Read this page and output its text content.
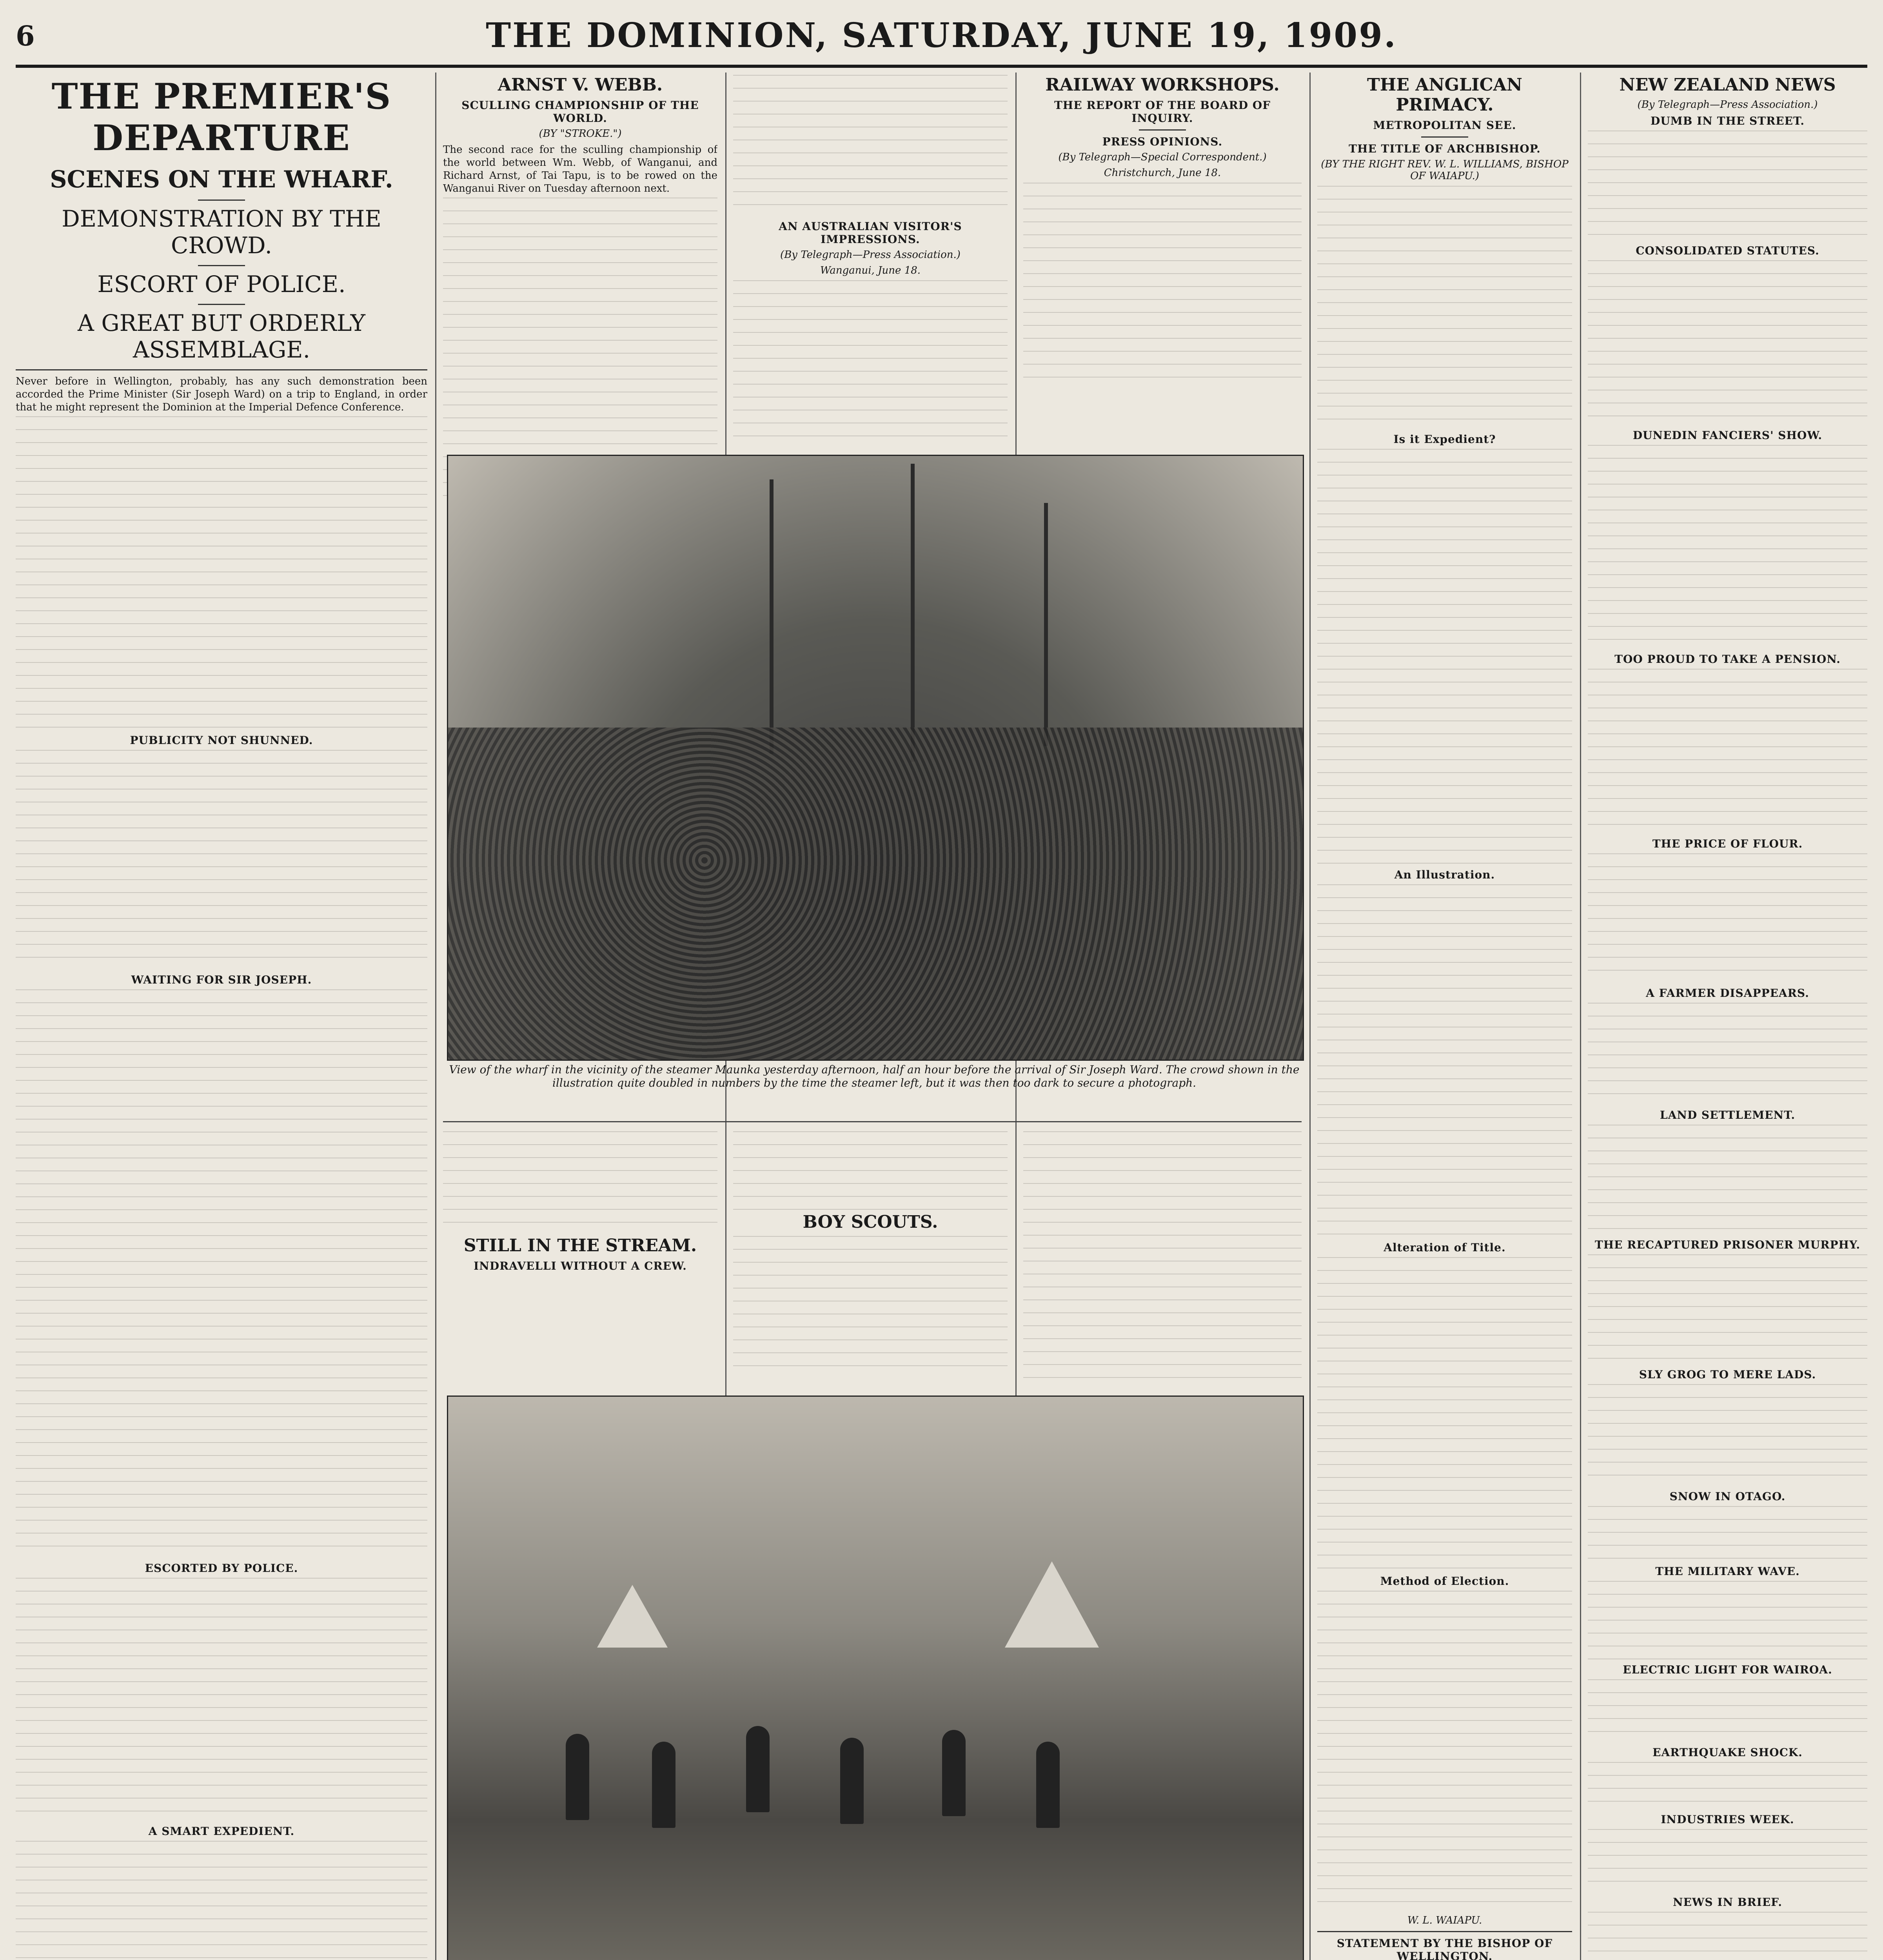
6	THE DOMINION, SATURDAY, JUNE 19, 1909.
THE PREMIER'S DEPARTURE
SCENES ON THE WHARF.
DEMONSTRATION BY THE CROWD.
ESCORT OF POLICE.
A GREAT BUT ORDERLY ASSEMBLAGE.
Never before in Wellington, probably, has any such demonstration been accorded the Prime Minister (Sir Joseph Ward) on a trip to England, in order that he might represent the Dominion at the Imperial Defence Conference.
PUBLICITY NOT SHUNNED.
WAITING FOR SIR JOSEPH.
ESCORTED BY POLICE.
A SMART EXPEDIENT.
ARNST V. WEBB.
SCULLING CHAMPIONSHIP OF THE WORLD.
(BY "STROKE.")
The second race for the sculling championship of the world between Wm. Webb, of Wanganui, and Richard Arnst, of Tai Tapu, is to be rowed on the Wanganui River on Tuesday afternoon next.
AN AUSTRALIAN VISITOR'S IMPRESSIONS.
(By Telegraph—Press Association.)
Wanganui, June 18.
RAILWAY WORKSHOPS.
THE REPORT OF THE BOARD OF INQUIRY.
PRESS OPINIONS.
(By Telegraph—Special Correspondent.)
Christchurch, June 18.
View of the wharf in the vicinity of the steamer Maunka yesterday afternoon, half an hour before the arrival of Sir Joseph Ward. The crowd shown in the illustration quite doubled in numbers by the time the steamer left, but it was then too dark to secure a photograph.
STILL IN THE STREAM.
INDRAVELLI WITHOUT A CREW.
BOY SCOUTS.
THE ANGLICAN PRIMACY.
METROPOLITAN SEE.
THE TITLE OF ARCHBISHOP.
(BY THE RIGHT REV. W. L. WILLIAMS, BISHOP OF WAIAPU.)
Is it Expedient?
An Illustration.
Alteration of Title.
Method of Election.
W. L. WAIAPU.
STATEMENT BY THE BISHOP OF WELLINGTON.
NEW ZEALAND NEWS
(By Telegraph—Press Association.)
DUMB IN THE STREET.
CONSOLIDATED STATUTES.
DUNEDIN FANCIERS' SHOW.
TOO PROUD TO TAKE A PENSION.
THE PRICE OF FLOUR.
A FARMER DISAPPEARS.
LAND SETTLEMENT.
THE RECAPTURED PRISONER MURPHY.
SLY GROG TO MERE LADS.
SNOW IN OTAGO.
THE MILITARY WAVE.
ELECTRIC LIGHT FOR WAIROA.
EARTHQUAKE SHOCK.
INDUSTRIES WEEK.
NEWS IN BRIEF.
